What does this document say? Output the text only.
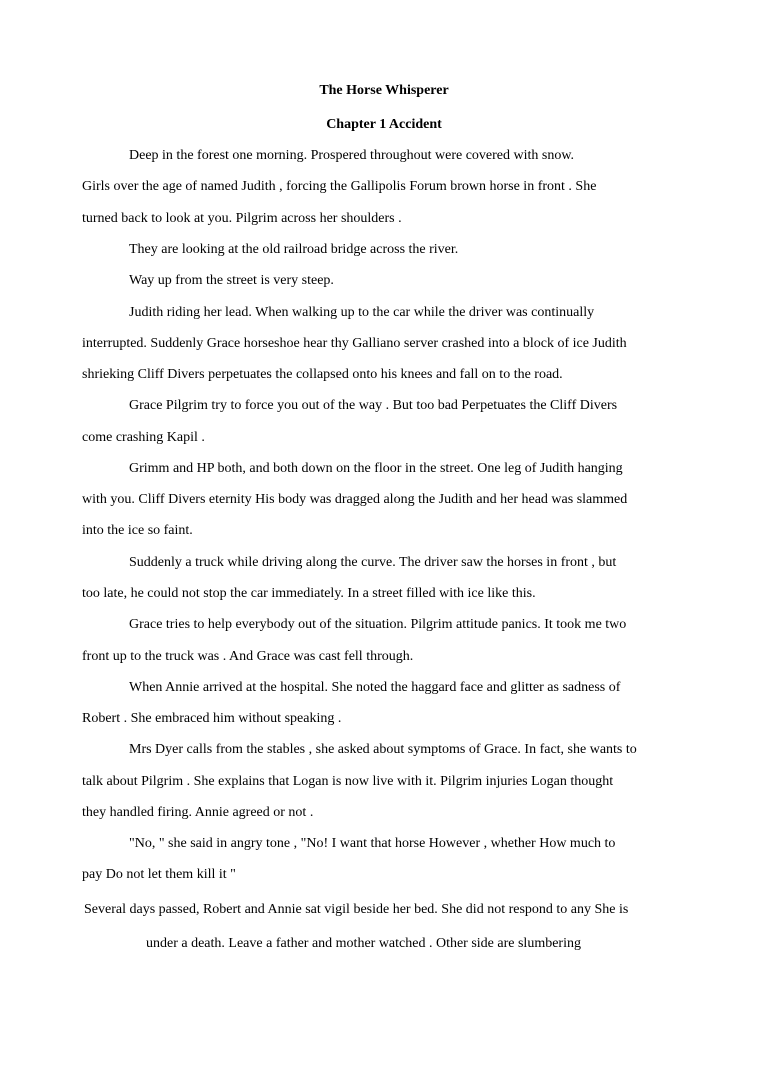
The Horse Whisperer
Chapter 1 Accident
Deep in the forest one morning. Prospered throughout were covered with snow.
Girls over the age of named Judith , forcing the Gallipolis Forum brown horse in front . She
turned back to look at you. Pilgrim across her shoulders .
They are looking at the old railroad bridge across the river.
Way up from the street is very steep.
Judith riding her lead. When walking up to the car while the driver was continually
interrupted. Suddenly Grace horseshoe hear thy Galliano server crashed into a block of ice Judith
shrieking Cliff Divers perpetuates the collapsed onto his knees and fall on to the road.
Grace Pilgrim try to force you out of the way . But too bad Perpetuates the Cliff Divers
come crashing Kapil .
Grimm and HP both, and both down on the floor in the street. One leg of Judith hanging
with you. Cliff Divers eternity His body was dragged along the Judith and her head was slammed
into the ice so faint.
Suddenly a truck while driving along the curve. The driver saw the horses in front , but
too late, he could not stop the car immediately. In a street filled with ice like this.
Grace tries to help everybody out of the situation. Pilgrim attitude panics. It took me two
front up to the truck was . And Grace was cast fell through.
When Annie arrived at the hospital. She noted the haggard face and glitter as sadness of
Robert . She embraced him without speaking .
Mrs Dyer calls from the stables , she asked about symptoms of Grace. In fact, she wants to
talk about Pilgrim . She explains that Logan is now live with it. Pilgrim injuries Logan thought
they handled firing. Annie agreed or not .
"No, " she said in angry tone , "No! I want that horse However , whether How much to
pay Do not let them kill it "
Several days passed, Robert and Annie sat vigil beside her bed. She did not respond to any She is
under a death. Leave a father and mother watched . Other side are slumbering
